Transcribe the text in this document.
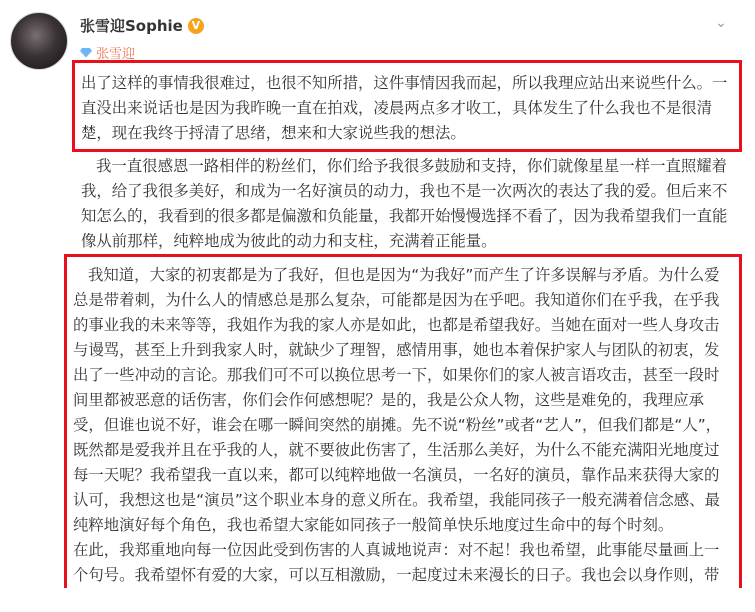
张雪迎Sophie V
张雪迎
⌄

出了这样的事情我很难过，也很不知所措，这件事情因我而起，所以我理应站出来说些什么。一直没出来说话也是因为我昨晚一直在拍戏，凌晨两点多才收工，具体发生了什么我也不是很清楚，现在我终于捋清了思绪，想来和大家说些我的想法。

我一直很感恩一路相伴的粉丝们，你们给予我很多鼓励和支持，你们就像星星一样一直照耀着我，给了我很多美好，和成为一名好演员的动力，我也不是一次两次的表达了我的爱。但后来不知怎么的，我看到的很多都是偏激和负能量，我都开始慢慢选择不看了，因为我希望我们一直能像从前那样，纯粹地成为彼此的动力和支柱，充满着正能量。

我知道，大家的初衷都是为了我好，但也是因为“为我好”而产生了许多误解与矛盾。为什么爱总是带着刺，为什么人的情感总是那么复杂，可能都是因为在乎吧。我知道你们在乎我，在乎我的事业我的未来等等，我姐作为我的家人亦是如此，也都是希望我好。当她在面对一些人身攻击与谩骂，甚至上升到我家人时，就缺少了理智，感情用事，她也本着保护家人与团队的初衷，发出了一些冲动的言论。那我们可不可以换位思考一下，如果你们的家人被言语攻击，甚至一段时间里都被恶意的话伤害，你们会作何感想呢？是的，我是公众人物，这些是难免的，我理应承受，但谁也说不好，谁会在哪一瞬间突然的崩摊。先不说“粉丝”或者“艺人”，但我们都是“人”，既然都是爱我并且在乎我的人，就不要彼此伤害了，生活那么美好，为什么不能充满阳光地度过每一天呢？我希望我一直以来，都可以纯粹地做一名演员，一名好的演员，靠作品来获得大家的认可，我想这也是“演员”这个职业本身的意义所在。我希望，我能同孩子一般充满着信念感、最纯粹地演好每个角色，我也希望大家能如同孩子一般简单快乐地度过生命中的每个时刻。

在此，我郑重地向每一位因此受到伤害的人真诚地说声：对不起！我也希望，此事能尽量画上一个句号。我希望怀有爱的大家，可以互相激励，一起度过未来漫长的日子。我也会以身作则，带
